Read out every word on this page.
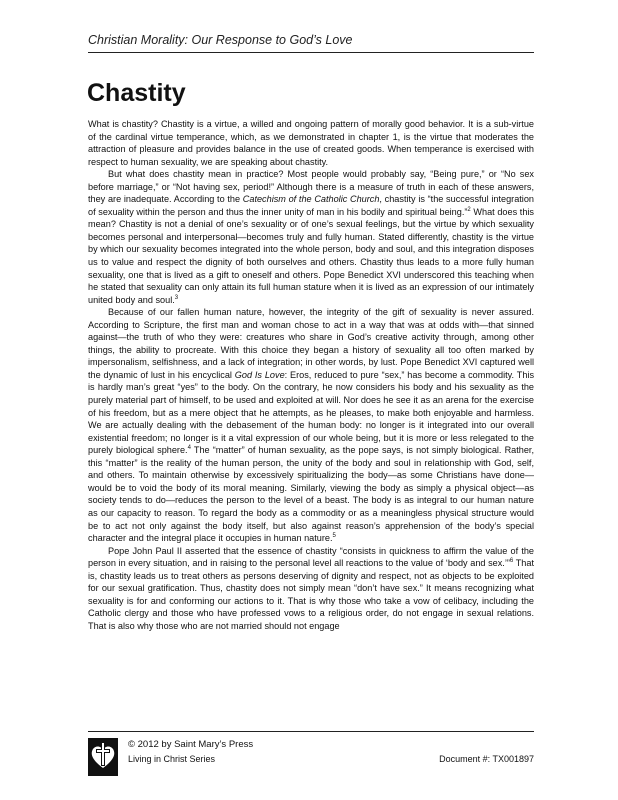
Christian Morality: Our Response to God’s Love
Chastity

What is chastity? Chastity is a virtue, a willed and ongoing pattern of morally good behavior. It is a sub-virtue of the cardinal virtue temperance, which, as we demonstrated in chapter 1, is the virtue that moderates the attraction of pleasure and provides balance in the use of created goods. When temperance is exercised with respect to human sexuality, we are speaking about chastity.

But what does chastity mean in practice? Most people would probably say, “Being pure,” or “No sex before marriage,” or “Not having sex, period!” Although there is a measure of truth in each of these answers, they are inadequate. According to the Catechism of the Catholic Church, chastity is “the successful integration of sexuality within the person and thus the inner unity of man in his bodily and spiritual being.”$^2$ What does this mean? Chastity is not a denial of one’s sexuality or of one’s sexual feelings, but the virtue by which sexuality becomes personal and interpersonal—becomes truly and fully human. Stated differently, chastity is the virtue by which our sexuality becomes integrated into the whole person, body and soul, and this integration disposes us to value and respect the dignity of both ourselves and others. Chastity thus leads to a more fully human sexuality, one that is lived as a gift to oneself and others. Pope Benedict XVI underscored this teaching when he stated that sexuality can only attain its full human stature when it is lived as an expression of our intimately united body and soul.$^3$

Because of our fallen human nature, however, the integrity of the gift of sexuality is never assured. According to Scripture, the first man and woman chose to act in a way that was at odds with—that sinned against—the truth of who they were: creatures who share in God’s creative activity through, among other things, the ability to procreate. With this choice they began a history of sexuality all too often marked by impersonalism, selfishness, and a lack of integration; in other words, by lust. Pope Benedict XVI captured well the dynamic of lust in his encyclical God Is Love: Eros, reduced to pure “sex,” has become a commodity. This is hardly man’s great “yes” to the body. On the contrary, he now considers his body and his sexuality as the purely material part of himself, to be used and exploited at will. Nor does he see it as an arena for the exercise of his freedom, but as a mere object that he attempts, as he pleases, to make both enjoyable and harmless. We are actually dealing with the debasement of the human body: no longer is it integrated into our overall existential freedom; no longer is it a vital expression of our whole being, but it is more or less relegated to the purely biological sphere.$^4$ The “matter” of human sexuality, as the pope says, is not simply biological. Rather, this “matter” is the reality of the human person, the unity of the body and soul in relationship with God, self, and others. To maintain otherwise by excessively spiritualizing the body—as some Christians have done—would be to void the body of its moral meaning. Similarly, viewing the body as simply a physical object—as society tends to do—reduces the person to the level of a beast. The body is as integral to our human nature as our capacity to reason. To regard the body as a commodity or as a meaningless physical structure would be to act not only against the body itself, but also against reason’s apprehension of the body’s special character and the integral place it occupies in human nature.$^5$

Pope John Paul II asserted that the essence of chastity “consists in quickness to affirm the value of the person in every situation, and in raising to the personal level all reactions to the value of ‘body and sex.’”$^6$ That is, chastity leads us to treat others as persons deserving of dignity and respect, not as objects to be exploited for our sexual gratification. Thus, chastity does not simply mean “don’t have sex.” It means recognizing what sexuality is for and conforming our actions to it. That is why those who take a vow of celibacy, including the Catholic clergy and those who have professed vows to a religious order, do not engage in sexual relations. That is also why those who are not married should not engage

© 2012 by Saint Mary’s Press
Living in Christ Series	Document #: TX001897
